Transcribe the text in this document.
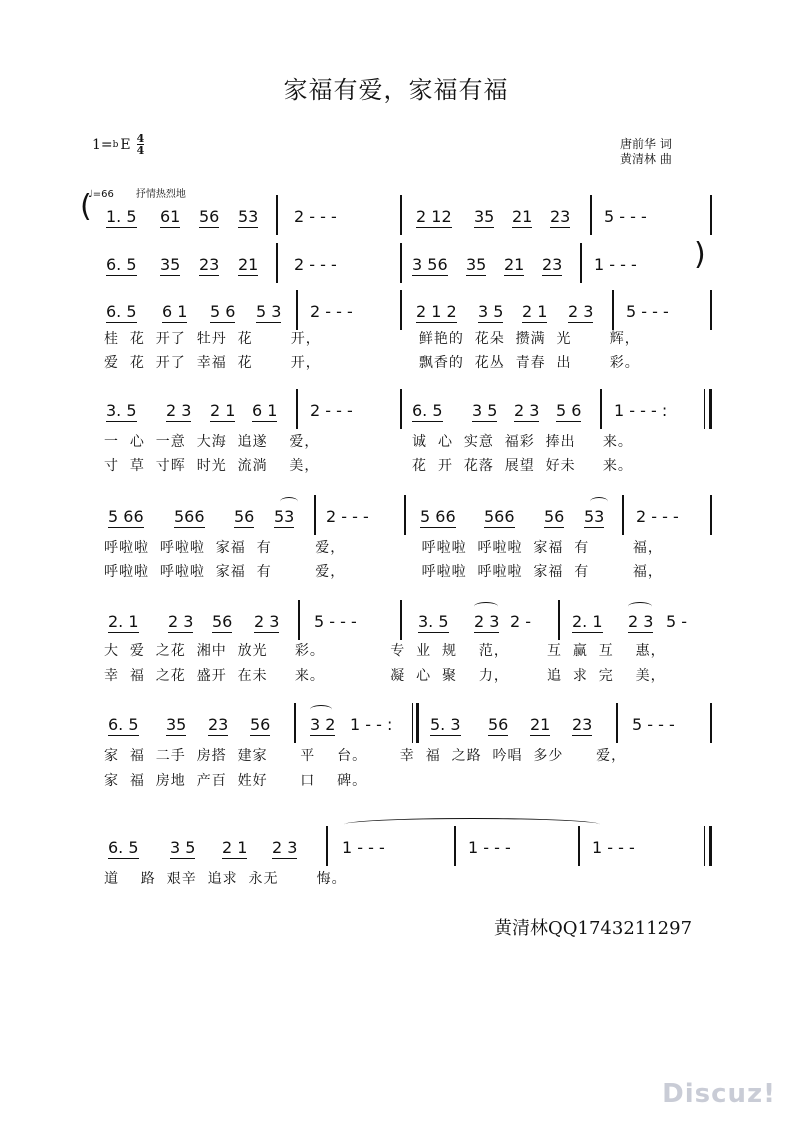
家福有爱，家福有福
1= b E 4
4	唐前华 词
黄清林 曲
♩=66 抒情热烈地
( 1. 5 61 56 53 2 - - -	2 12 35 21 23 5 - - -
6. 5 35 23 21 2 - - -	3 56 35 21 23 1 - - - )
6. 5 6 1 5 6 5 3 2 - - -	2 1 2 3 5 2 1 2 3 5 - - -
桂  花  开了  牡丹  花       开，                  鲜艳的  花朵  攒满  光       辉，
爱  花  开了  幸福  花       开，                  飘香的  花丛  青春  出       彩。
3. 5 2 3 2 1 6 1 2 - - -	6. 5 3 5 2 3 5 6 1 - - - :
一  心  一意  大海  追遂    爱，                 诚  心  实意  福彩  捧出     来。
寸  草  寸晖  时光  流淌    美，                 花  开  花落  展望  好未     来。
5 66 566 56 53 2 - - -	5 66 566 56 53 2 - - -
呼啦啦  呼啦啦  家福  有        爱，              呼啦啦  呼啦啦  家福  有        福，
呼啦啦  呼啦啦  家福  有        爱，              呼啦啦  呼啦啦  家福  有        福，
2. 1 2 3 56 2 3 5 - - -	3. 5 2 3 2 -	2. 1 2 3 5 -
大  爱  之花  湘中  放光     彩。            专  业  规    范，       互  赢  互    惠，
幸  福  之花  盛开  在未     来。            凝  心  聚    力，       追  求  完    美，
6. 5 35 23 56 3 2 1 - - : 5. 3 56 21 23 5 - - -
家  福  二手  房搭  建家      平    台。      幸  福  之路  吟唱  多少      爱，
家  福  房地  产百  姓好      口    碑。
6. 5 3 5 2 1 2 3	1 - - -	1 - - -	1 - - -
道    路  艰辛  追求  永无       悔。
黄清林QQ1743211297
Discuz!
